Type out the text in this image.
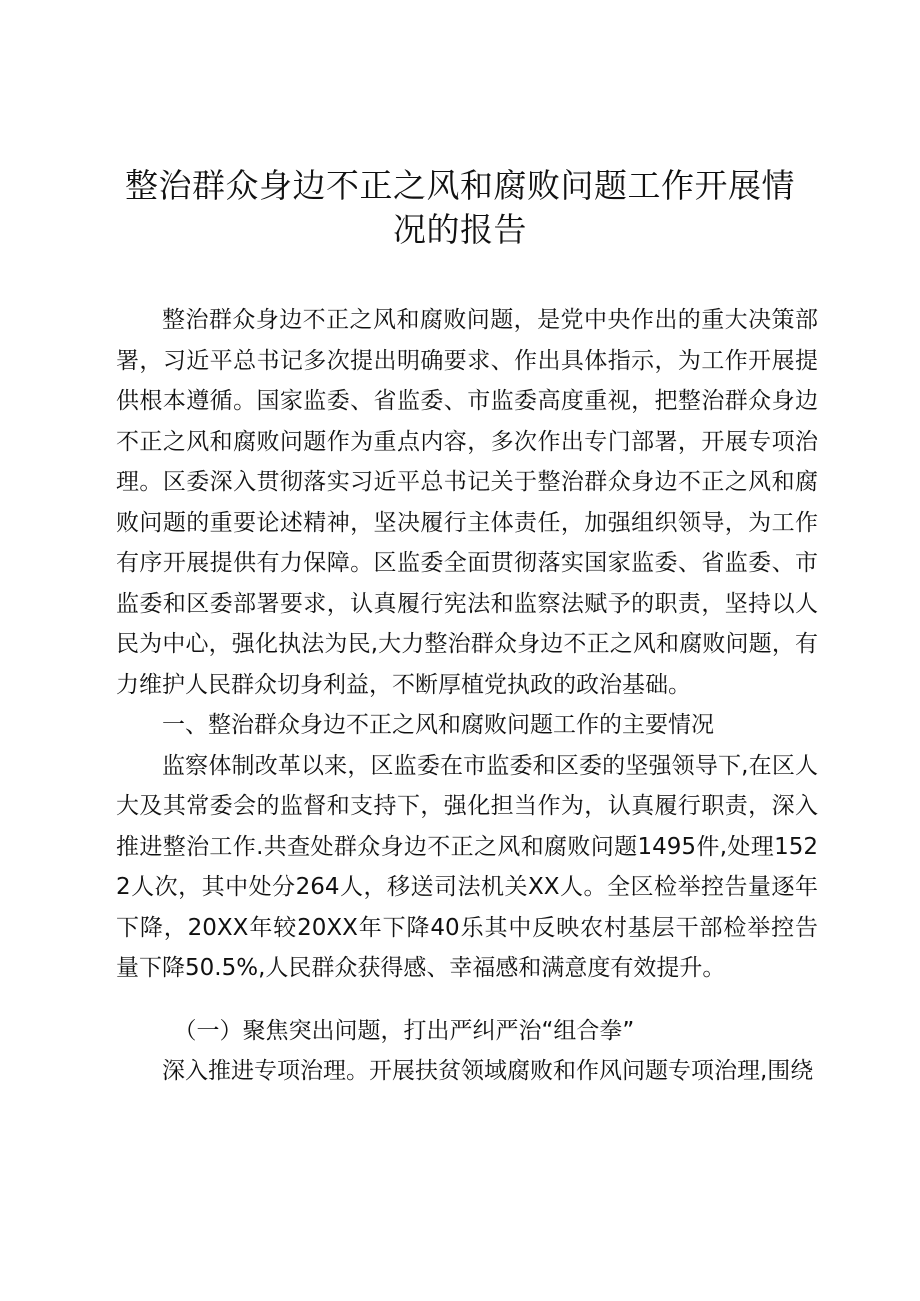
整治群众身边不正之风和腐败问题工作开展情况的报告

整治群众身边不正之风和腐败问题，是党中央作出的重大决策部署，习近平总书记多次提出明确要求、作出具体指示，为工作开展提供根本遵循。国家监委、省监委、市监委高度重视，把整治群众身边不正之风和腐败问题作为重点内容，多次作出专门部署，开展专项治理。区委深入贯彻落实习近平总书记关于整治群众身边不正之风和腐败问题的重要论述精神，坚决履行主体责任，加强组织领导，为工作有序开展提供有力保障。区监委全面贯彻落实国家监委、省监委、市监委和区委部署要求，认真履行宪法和监察法赋予的职责，坚持以人民为中心，强化执法为民,大力整治群众身边不正之风和腐败问题，有力维护人民群众切身利益，不断厚植党执政的政治基础。

一、整治群众身边不正之风和腐败问题工作的主要情况

监察体制改革以来，区监委在市监委和区委的坚强领导下,在区人大及其常委会的监督和支持下，强化担当作为，认真履行职责，深入推进整治工作.共查处群众身边不正之风和腐败问题1495件,处理1522人次，其中处分264人，移送司法机关XX人。全区检举控告量逐年下降，20XX年较20XX年下降40乐其中反映农村基层干部检举控告量下降50.5%,人民群众获得感、幸福感和满意度有效提升。

（一）聚焦突出问题，打出严纠严治“组合拳”

深入推进专项治理。开展扶贫领域腐败和作风问题专项治理,围绕
